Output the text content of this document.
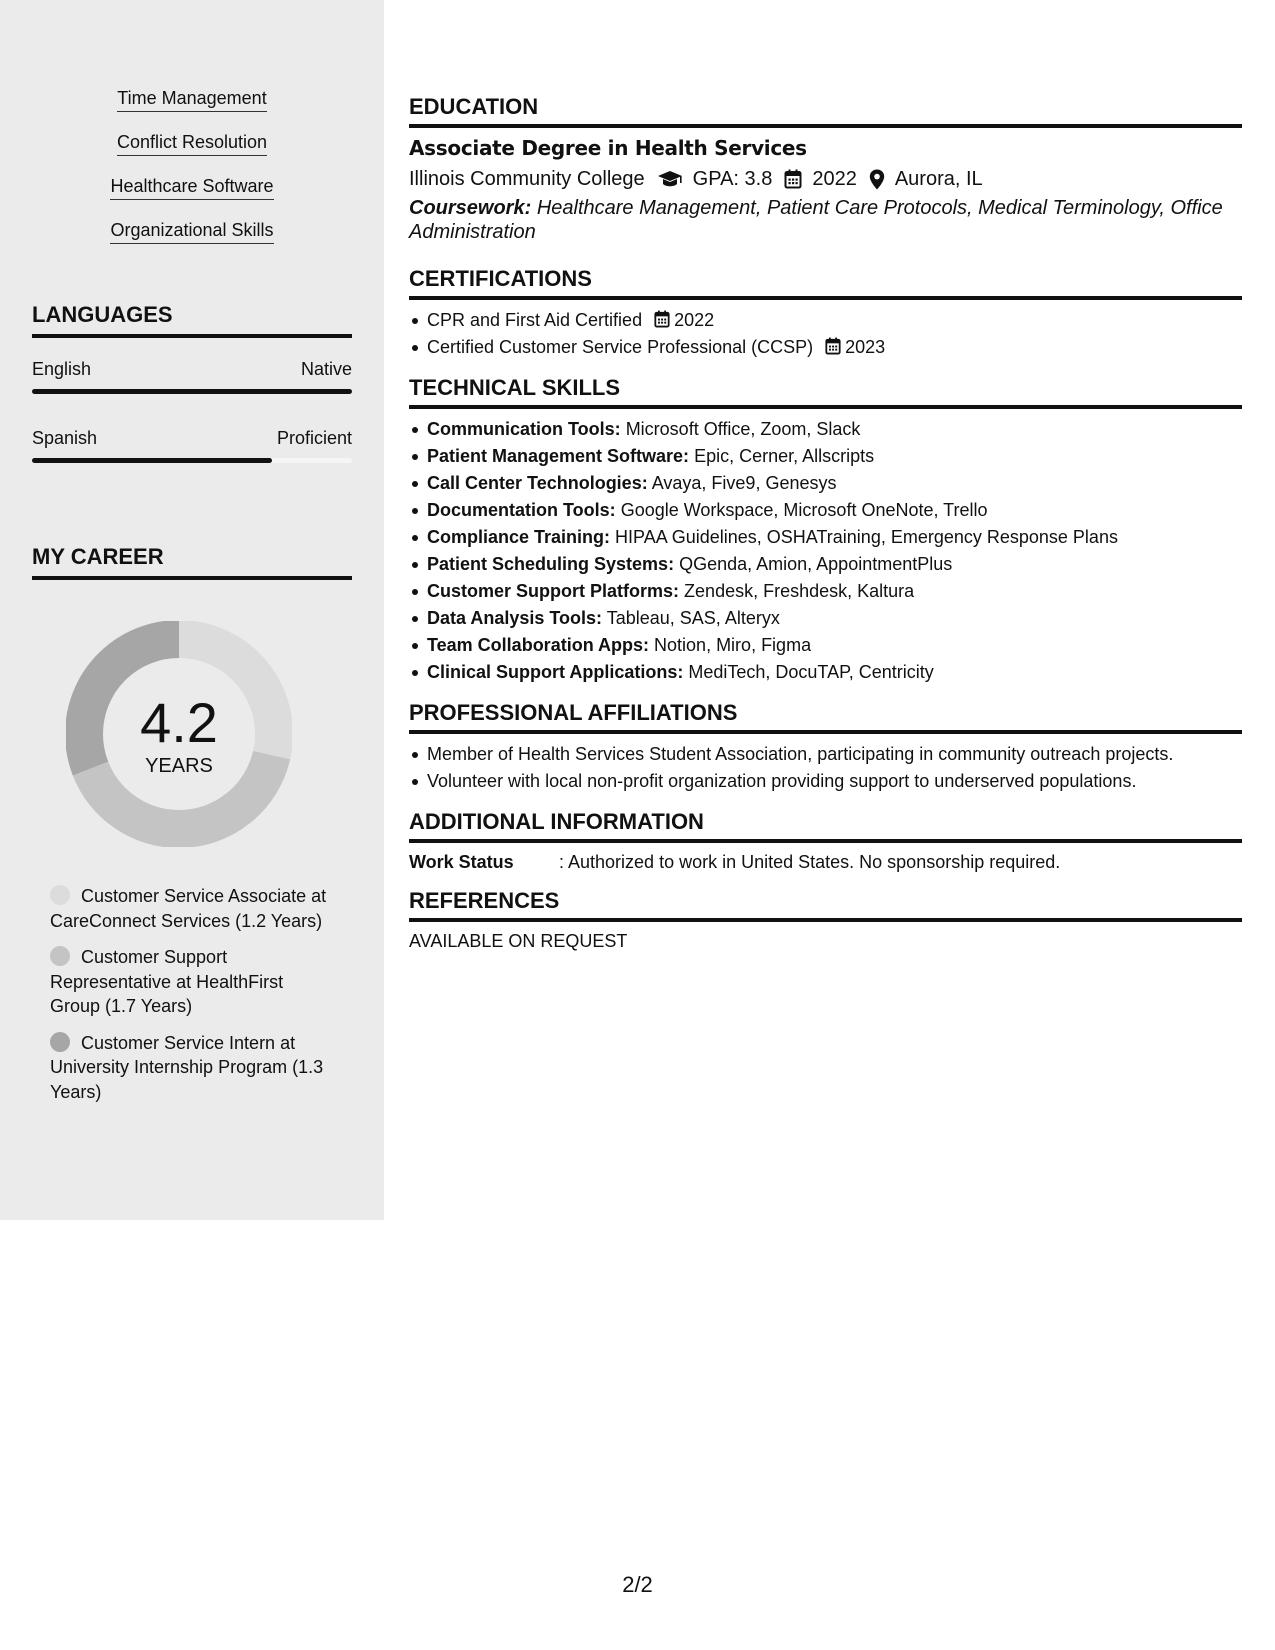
Time Management
Conflict Resolution
Healthcare Software
Organizational Skills
LANGUAGES
English	Native
Spanish	Proficient
MY CAREER
4.2
YEARS
Customer Service Associate at CareConnect Services (1.2 Years)
Customer Support Representative at HealthFirst Group (1.7 Years)
Customer Service Intern at University Internship Program (1.3 Years)
EDUCATION
Associate Degree in Health Services
Illinois Community College GPA: 3.8 2022 Aurora, IL
Coursework: Healthcare Management, Patient Care Protocols, Medical Terminology, Office Administration
CERTIFICATIONS
CPR and First Aid Certified 2022
Certified Customer Service Professional (CCSP) 2023
TECHNICAL SKILLS
Communication Tools: Microsoft Office, Zoom, Slack
Patient Management Software: Epic, Cerner, Allscripts
Call Center Technologies: Avaya, Five9, Genesys
Documentation Tools: Google Workspace, Microsoft OneNote, Trello
Compliance Training: HIPAA Guidelines, OSHATraining, Emergency Response Plans
Patient Scheduling Systems: QGenda, Amion, AppointmentPlus
Customer Support Platforms: Zendesk, Freshdesk, Kaltura
Data Analysis Tools: Tableau, SAS, Alteryx
Team Collaboration Apps: Notion, Miro, Figma
Clinical Support Applications: MediTech, DocuTAP, Centricity
PROFESSIONAL AFFILIATIONS
Member of Health Services Student Association, participating in community outreach projects.
Volunteer with local non-profit organization providing support to underserved populations.
ADDITIONAL INFORMATION
Work Status	: Authorized to work in United States. No sponsorship required.
REFERENCES
AVAILABLE ON REQUEST
2/2
